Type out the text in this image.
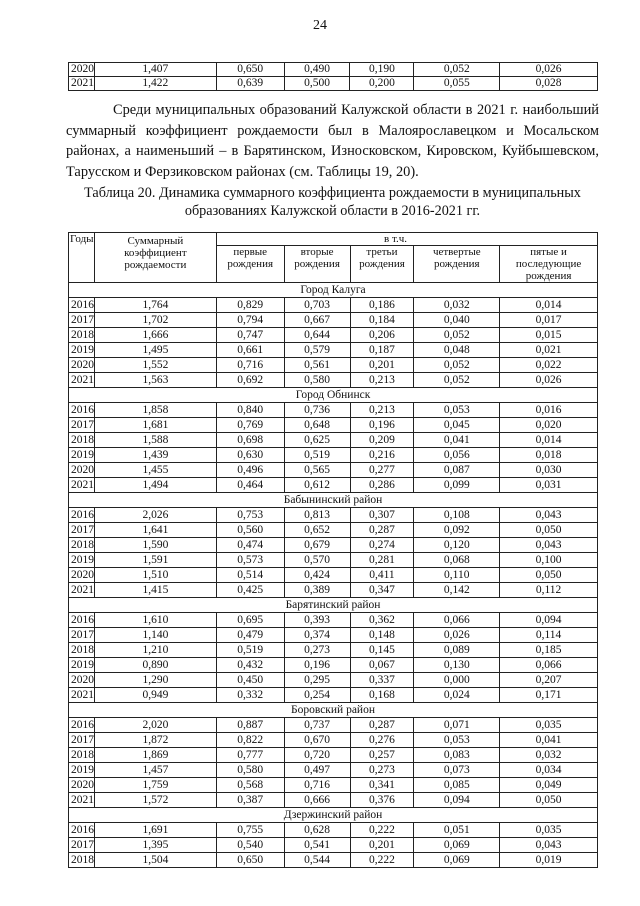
24
2020	1,407	0,650	0,490	0,190	0,052	0,026
2021	1,422	0,639	0,500	0,200	0,055	0,028

Среди муниципальных образований Калужской области в 2021 г. наибольший суммарный коэффициент рождаемости был в Малоярославецком и Мосальском районах, а наименьший – в Барятинском, Износковском, Кировском, Куйбышевском, Тарусском и Ферзиковском районах (см. Таблицы 19, 20).

Таблица 20. Динамика суммарного коэффициента рождаемости в муниципальных образованиях Калужской области в 2016-2021 гг.

Годы	Суммарный коэффициент рождаемости	в т.ч.				
		первые рождения	вторые рождения	третьи рождения	четвертые рождения	пятые и последующие рождения
Город Калуга						
2016	1,764	0,829	0,703	0,186	0,032	0,014
2017	1,702	0,794	0,667	0,184	0,040	0,017
2018	1,666	0,747	0,644	0,206	0,052	0,015
2019	1,495	0,661	0,579	0,187	0,048	0,021
2020	1,552	0,716	0,561	0,201	0,052	0,022
2021	1,563	0,692	0,580	0,213	0,052	0,026
Город Обнинск						
2016	1,858	0,840	0,736	0,213	0,053	0,016
2017	1,681	0,769	0,648	0,196	0,045	0,020
2018	1,588	0,698	0,625	0,209	0,041	0,014
2019	1,439	0,630	0,519	0,216	0,056	0,018
2020	1,455	0,496	0,565	0,277	0,087	0,030
2021	1,494	0,464	0,612	0,286	0,099	0,031
Бабынинский район						
2016	2,026	0,753	0,813	0,307	0,108	0,043
2017	1,641	0,560	0,652	0,287	0,092	0,050
2018	1,590	0,474	0,679	0,274	0,120	0,043
2019	1,591	0,573	0,570	0,281	0,068	0,100
2020	1,510	0,514	0,424	0,411	0,110	0,050
2021	1,415	0,425	0,389	0,347	0,142	0,112
Барятинский район						
2016	1,610	0,695	0,393	0,362	0,066	0,094
2017	1,140	0,479	0,374	0,148	0,026	0,114
2018	1,210	0,519	0,273	0,145	0,089	0,185
2019	0,890	0,432	0,196	0,067	0,130	0,066
2020	1,290	0,450	0,295	0,337	0,000	0,207
2021	0,949	0,332	0,254	0,168	0,024	0,171
Боровский район						
2016	2,020	0,887	0,737	0,287	0,071	0,035
2017	1,872	0,822	0,670	0,276	0,053	0,041
2018	1,869	0,777	0,720	0,257	0,083	0,032
2019	1,457	0,580	0,497	0,273	0,073	0,034
2020	1,759	0,568	0,716	0,341	0,085	0,049
2021	1,572	0,387	0,666	0,376	0,094	0,050
Дзержинский район						
2016	1,691	0,755	0,628	0,222	0,051	0,035
2017	1,395	0,540	0,541	0,201	0,069	0,043
2018	1,504	0,650	0,544	0,222	0,069	0,019
